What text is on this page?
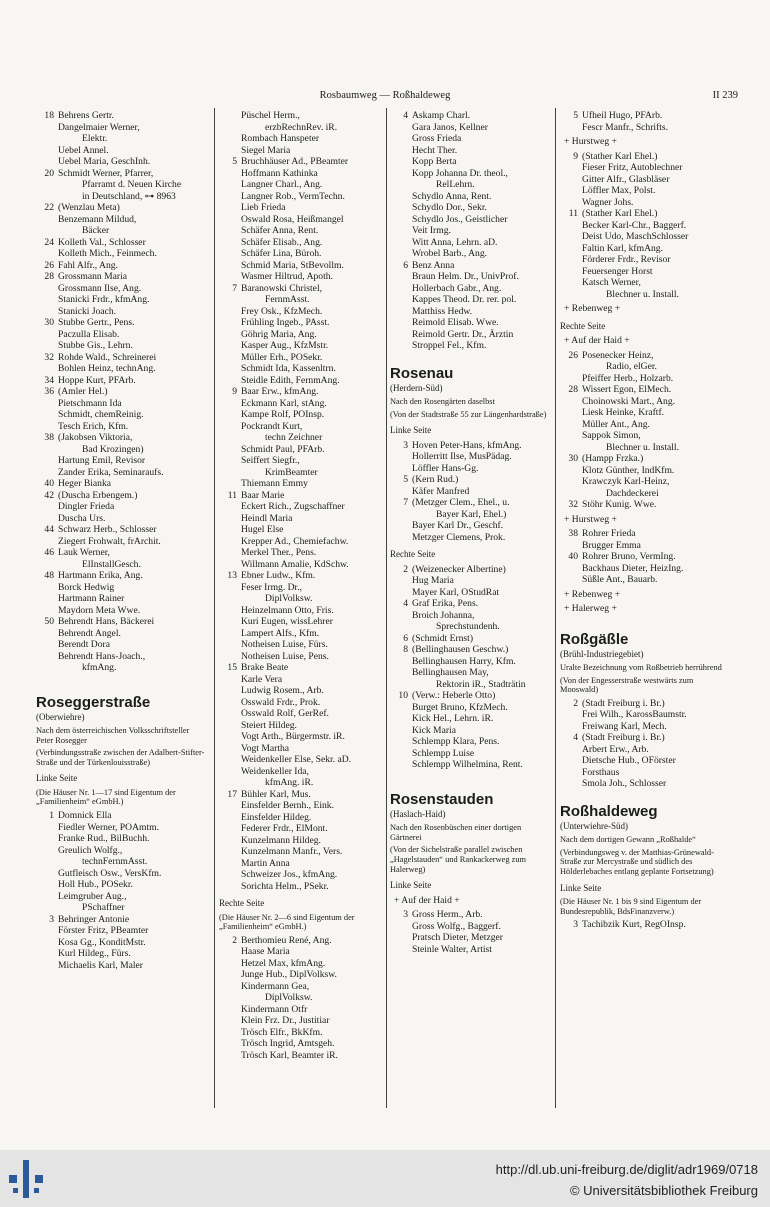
Rosbaumweg — Roßhaldeweg	II 239
18 Behrens Gertr.
Dangelmaier Werner,
Elektr.
Uebel Annel.
Uebel Maria, GeschInh.
20 Schmidt Werner, Pfarrer,
Pfarramt d. Neuen Kirche
in Deutschland, ⊶ 8963
22 (Wenzlau Meta)
Benzemann Mildud,
Bäcker
24 Kolleth Val., Schlosser
Kolleth Mich., Feinmech.
26 Fahl Alfr., Ang.
28 Grossmann Maria
Grossmann Ilse, Ang.
Stanicki Frdr., kfmAng.
Stanicki Joach.
30 Stubbe Gertr., Pens.
Paczulla Elisab.
Stubbe Gis., Lehrn.
32 Rohde Wald., Schreinerei
Bohlen Heinz, technAng.
34 Hoppe Kurt, PFArb.
36 (Amler Hel.)
Pietschmann Ida
Schmidt, chemReinig.
Tesch Erich, Kfm.
38 (Jakobsen Viktoria,
Bad Krozingen)
Hartung Emil, Revisor
Zander Erika, Seminaraufs.
40 Heger Bianka
42 (Duscha Erbengem.)
Dingler Frieda
Duscha Urs.
44 Schwarz Herb., Schlosser
Ziegert Frohwalt, frArchit.
46 Lauk Werner,
ElInstallGesch.
48 Hartmann Erika, Ang.
Borck Hedwig
Hartmann Rainer
Maydorn Meta Wwe.
50 Behrendt Hans, Bäckerei
Behrendt Angel.
Berendt Dora
Behrendt Hans-Joach.,
kfmAng.
Roseggerstraße
(Oberwiehre)
Nach dem österreichischen Volksschriftsteller Peter Rosegger
(Verbindungsstraße zwischen der Adalbert-Stifter-Straße und der Türkenlouisstraße)
Linke Seite
(Die Häuser Nr. 1—17 sind Eigentum der „Familienheim“ eGmbH.)
1 Domnick Ella
Fiedler Werner, POAmtm.
Franke Rud., BilBuchh.
Greulich Wolfg.,
technFernmAsst.
Gutfleisch Osw., VersKfm.
Holl Hub., POSekr.
Leimgruber Aug.,
PSchaffner
3 Behringer Antonie
Förster Fritz, PBeamter
Kosa Gg., KonditMstr.
Kurl Hildeg., Fürs.
Michaelis Karl, Maler
Püschel Herm.,
erzbRechnRev. iR.
Rombach Hanspeter
Siegel Maria
5 Bruchhäuser Ad., PBeamter
Hoffmann Kathinka
Langner Charl., Ang.
Langner Rob., VermTechn.
Lieb Frieda
Oswald Rosa, Heißmangel
Schäfer Anna, Rent.
Schäfer Elisab., Ang.
Schäfer Lina, Büroh.
Schmid Maria, StBevollm.
Wasmer Hiltrud, Apoth.
7 Baranowski Christel,
FernmAsst.
Frey Osk., KfzMech.
Frühling Ingeb., PAsst.
Göhrig Maria, Ang.
Kasper Aug., KfzMstr.
Müller Erh., POSekr.
Schmidt Ida, Kassenltrn.
Steidle Edith, FernmAng.
9 Baar Erw., kfmAng.
Eckmann Karl, stAng.
Kampe Rolf, POInsp.
Pockrandt Kurt,
techn Zeichner
Schmidt Paul, PFArb.
Seiffert Siegfr.,
KrimBeamter
Thiemann Emmy
11 Baar Marie
Eckert Rich., Zugschaffner
Heindl Maria
Hugel Else
Krepper Ad., Chemiefachw.
Merkel Ther., Pens.
Willmann Amalie, KdSchw.
13 Ebner Ludw., Kfm.
Feser Irmg. Dr.,
DiplVolksw.
Heinzelmann Otto, Fris.
Kuri Eugen, wissLehrer
Lampert Alfs., Kfm.
Notheisen Luise, Fürs.
Notheisen Luise, Pens.
15 Brake Beate
Karle Vera
Ludwig Rosem., Arb.
Osswald Frdr., Prok.
Osswald Rolf, GerRef.
Steiert Hildeg.
Vogt Arth., Bürgermstr. iR.
Vogt Martha
Weidenkeller Else, Sekr. aD.
Weidenkeller Ida,
kfmAng. iR.
17 Bühler Karl, Mus.
Einsfelder Bernh., Eink.
Einsfelder Hildeg.
Federer Frdr., ElMont.
Kunzelmann Hildeg.
Kunzelmann Manfr., Vers.
Martin Anna
Schweizer Jos., kfmAng.
Sorichta Helm., PSekr.
Rechte Seite
(Die Häuser Nr. 2—6 sind Eigentum der „Familienheim“ eGmbH.)
2 Berthomieu René, Ang.
Haase Maria
Hetzel Max, kfmAng.
Junge Hub., DiplVolksw.
Kindermann Gea,
DiplVolksw.
Kindermann Otfr
Klein Frz. Dr., Justitiar
Trösch Elfr., BkKfm.
Trösch Ingrid, Amtsgeh.
Trösch Karl, Beamter iR.
4 Askamp Charl.
Gara Janos, Kellner
Gross Frieda
Hecht Ther.
Kopp Berta
Kopp Johanna Dr. theol.,
RelLehrn.
Schydlo Anna, Rent.
Schydlo Dor., Sekr.
Schydlo Jos., Geistlicher
Veit Irmg.
Witt Anna, Lehrn. aD.
Wrobel Barb., Ang.
6 Benz Anna
Braun Helm. Dr., UnivProf.
Hollerbach Gabr., Ang.
Kappes Theod. Dr. rer. pol.
Matthiss Hedw.
Reimold Elisab. Wwe.
Reimold Gertr. Dr., Ärztin
Stroppel Fel., Kfm.
Rosenau
(Herdern-Süd)
Nach den Rosengärten daselbst
(Von der Stadtstraße 55 zur Längenhardstraße)
Linke Seite
3 Hoven Peter-Hans, kfmAng.
Hollerritt Ilse, MusPädag.
Löffler Hans-Gg.
5 (Kern Rud.)
Käfer Manfred
7 (Metzger Clem., Ehel., u.
Bayer Karl, Ehel.)
Bayer Karl Dr., Geschf.
Metzger Clemens, Prok.
Rechte Seite
2 (Weizenecker Albertine)
Hug Maria
Mayer Karl, OStudRat
4 Graf Erika, Pens.
Broich Johanna,
Sprechstundenh.
6 (Schmidt Ernst)
8 (Bellinghausen Geschw.)
Bellinghausen Harry, Kfm.
Bellinghausen May,
Rektorin iR., Stadträtin
10 (Verw.: Heberle Otto)
Burget Bruno, KfzMech.
Kick Hel., Lehrn. iR.
Kick Maria
Schlempp Klara, Pens.
Schlempp Luise
Schlempp Wilhelmina, Rent.
Rosenstauden
(Haslach-Haid)
Nach den Rosenbüschen einer dortigen Gärtnerei
(Von der Sichelstraße parallel zwischen „Hagelstauden“ und Rankackerweg zum Halerweg)
Linke Seite
+ Auf der Haid +
3 Gross Herm., Arb.
Gross Wolfg., Baggerf.
Pratsch Dieter, Metzger
Steinle Walter, Artist
5 Ufheil Hugo, PFArb.
Fescr Manfr., Schrifts.
+ Hurstweg +
9 (Stather Karl Ehel.)
Fieser Fritz, Autoblechner
Gitter Alfr., Glasbläser
Löffler Max, Polst.
Wagner Johs.
11 (Stather Karl Ehel.)
Becker Karl-Chr., Baggerf.
Deist Udo, MaschSchlosser
Faltin Karl, kfmAng.
Förderer Frdr., Revisor
Feuersenger Horst
Katsch Werner,
Blechner u. Install.
+ Rebenweg +
Rechte Seite
+ Auf der Haid +
26 Posenecker Heinz,
Radio, elGer.
Pfeiffer Herb., Holzarb.
28 Wissert Egon, ElMech.
Choinowski Mart., Ang.
Liesk Heinke, Kraftf.
Müller Ant., Ang.
Sappok Simon,
Blechner u. Install.
30 (Hampp Frzka.)
Klotz Günther, IndKfm.
Krawczyk Karl-Heinz,
Dachdeckerei
32 Stöhr Kunig. Wwe.
+ Hurstweg +
38 Rohrer Frieda
Brugger Emma
40 Rohrer Bruno, VermIng.
Backhaus Dieter, HeizIng.
Süßle Ant., Bauarb.
+ Rebenweg +
+ Halerweg +
Roßgäßle
(Brühl-Industriegebiet)
Uralte Bezeichnung vom Roßbetrieb herrührend
(Von der Engesserstraße westwärts zum Mooswald)
2 (Stadt Freiburg i. Br.)
Frei Wilh., KarossBaumstr.
Freiwang Karl, Mech.
4 (Stadt Freiburg i. Br.)
Arbert Erw., Arb.
Dietsche Hub., OFörster
Forsthaus
Smola Joh., Schlosser
Roßhaldeweg
(Unterwiehre-Süd)
Nach dem dortigen Gewann „Roßhalde“
(Verbindungsweg v. der Matthias-Grünewald-Straße zur Mercystraße und südlich des Hölderlebaches entlang geplante Fortsetzung)
Linke Seite
(Die Häuser Nr. 1 bis 9 sind Eigentum der Bundesrepublik, BdsFinanzverw.)
3 Tachibzik Kurt, RegOInsp.
http://dl.ub.uni-freiburg.de/diglit/adr1969/0718
© Universitätsbibliothek Freiburg
